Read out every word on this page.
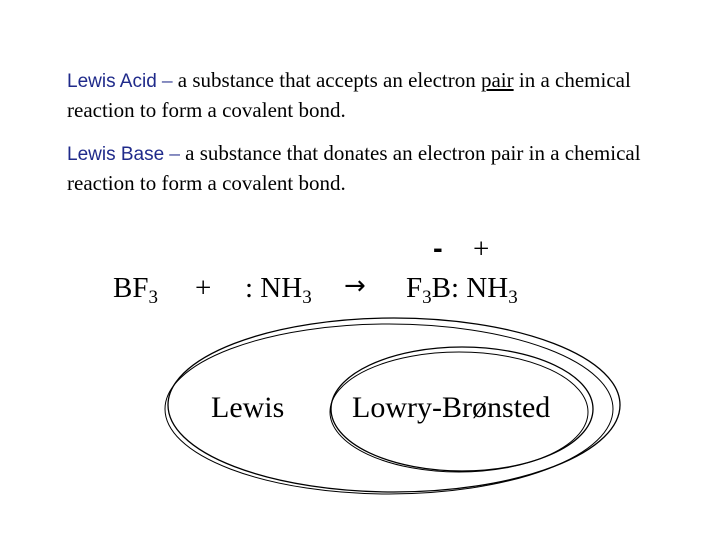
Lewis Acid – a substance that accepts an electron pair in a chemical reaction to form a covalent bond.
Lewis Base – a substance that donates an electron pair in a chemical reaction to form a covalent bond.
- +
$BF_3$ + : $NH_3 \to F_3B$: $NH_3$
Lewis Lowry-Brønsted
